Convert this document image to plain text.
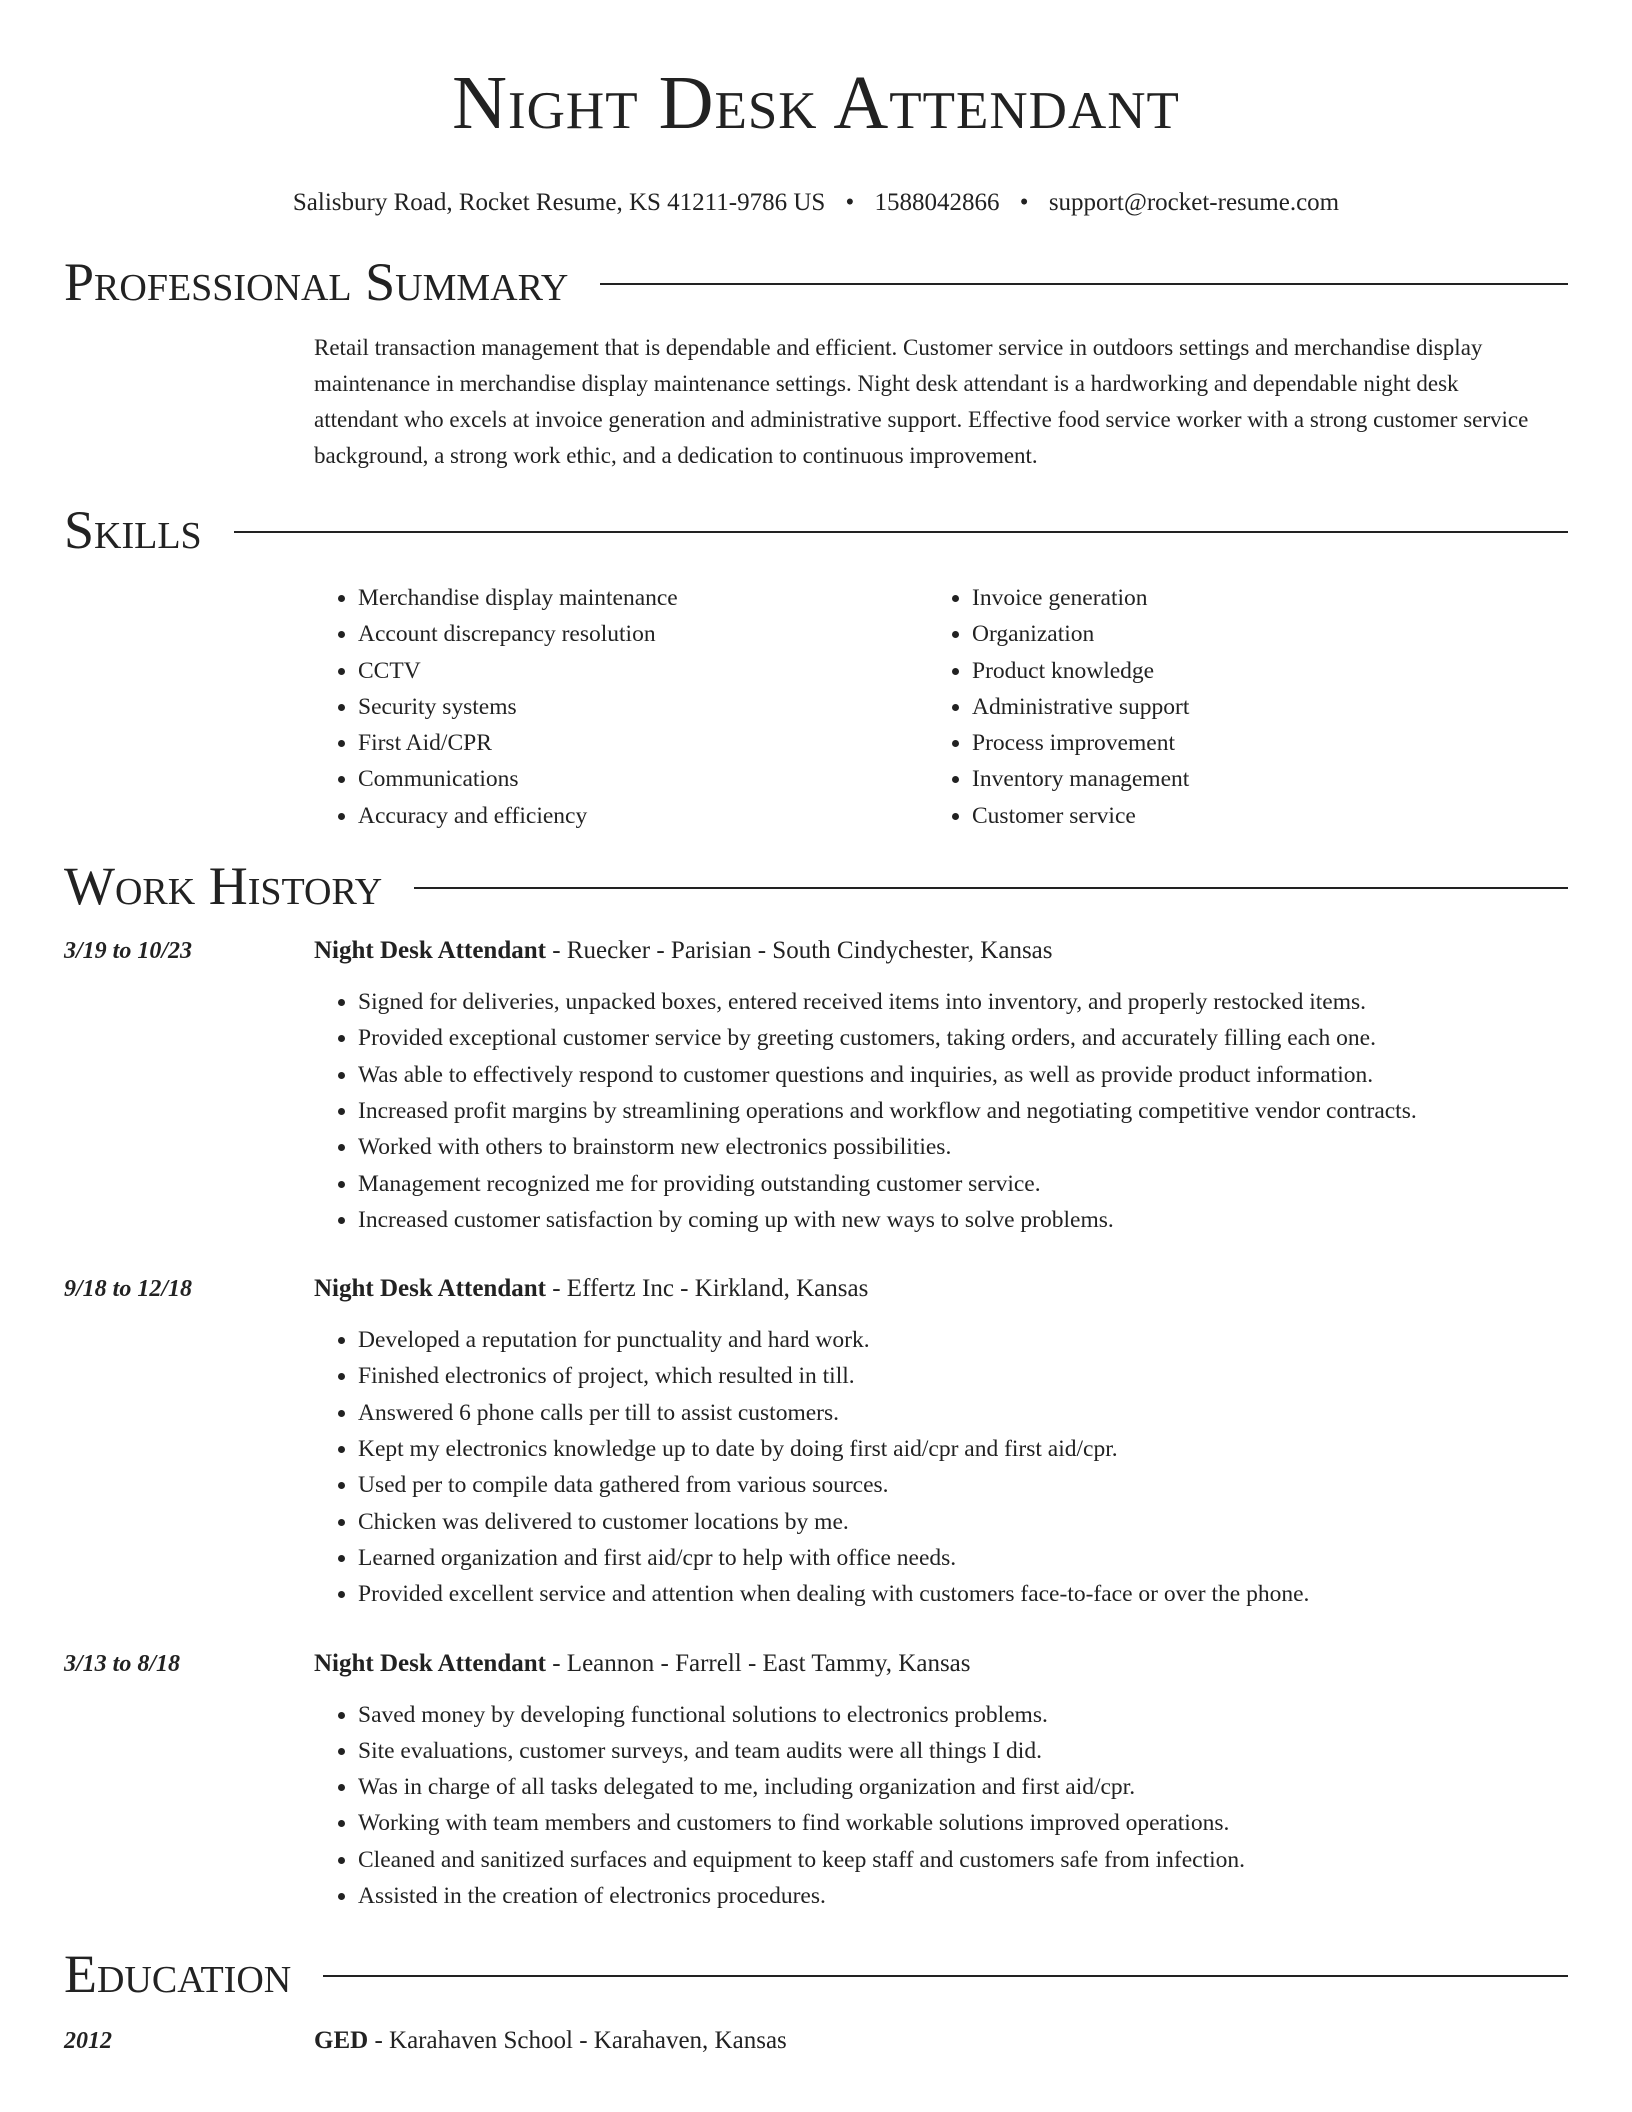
Night Desk Attendant
Salisbury Road, Rocket Resume, KS 41211-9786 US • 1588042866 • support@rocket-resume.com
Professional Summary
Retail transaction management that is dependable and efficient. Customer service in outdoors settings and merchandise display maintenance in merchandise display maintenance settings. Night desk attendant is a hardworking and dependable night desk attendant who excels at invoice generation and administrative support. Effective food service worker with a strong customer service background, a strong work ethic, and a dedication to continuous improvement.
Skills
• Merchandise display maintenance
• Account discrepancy resolution
• CCTV
• Security systems
• First Aid/CPR
• Communications
• Accuracy and efficiency
• Invoice generation
• Organization
• Product knowledge
• Administrative support
• Process improvement
• Inventory management
• Customer service
Work History
3/19 to 10/23	Night Desk Attendant - Ruecker - Parisian - South Cindychester, Kansas
• Signed for deliveries, unpacked boxes, entered received items into inventory, and properly restocked items.
• Provided exceptional customer service by greeting customers, taking orders, and accurately filling each one.
• Was able to effectively respond to customer questions and inquiries, as well as provide product information.
• Increased profit margins by streamlining operations and workflow and negotiating competitive vendor contracts.
• Worked with others to brainstorm new electronics possibilities.
• Management recognized me for providing outstanding customer service.
• Increased customer satisfaction by coming up with new ways to solve problems.
9/18 to 12/18	Night Desk Attendant - Effertz Inc - Kirkland, Kansas
• Developed a reputation for punctuality and hard work.
• Finished electronics of project, which resulted in till.
• Answered 6 phone calls per till to assist customers.
• Kept my electronics knowledge up to date by doing first aid/cpr and first aid/cpr.
• Used per to compile data gathered from various sources.
• Chicken was delivered to customer locations by me.
• Learned organization and first aid/cpr to help with office needs.
• Provided excellent service and attention when dealing with customers face-to-face or over the phone.
3/13 to 8/18	Night Desk Attendant - Leannon - Farrell - East Tammy, Kansas
• Saved money by developing functional solutions to electronics problems.
• Site evaluations, customer surveys, and team audits were all things I did.
• Was in charge of all tasks delegated to me, including organization and first aid/cpr.
• Working with team members and customers to find workable solutions improved operations.
• Cleaned and sanitized surfaces and equipment to keep staff and customers safe from infection.
• Assisted in the creation of electronics procedures.
Education
2012	GED - Karahaven School - Karahaven, Kansas
